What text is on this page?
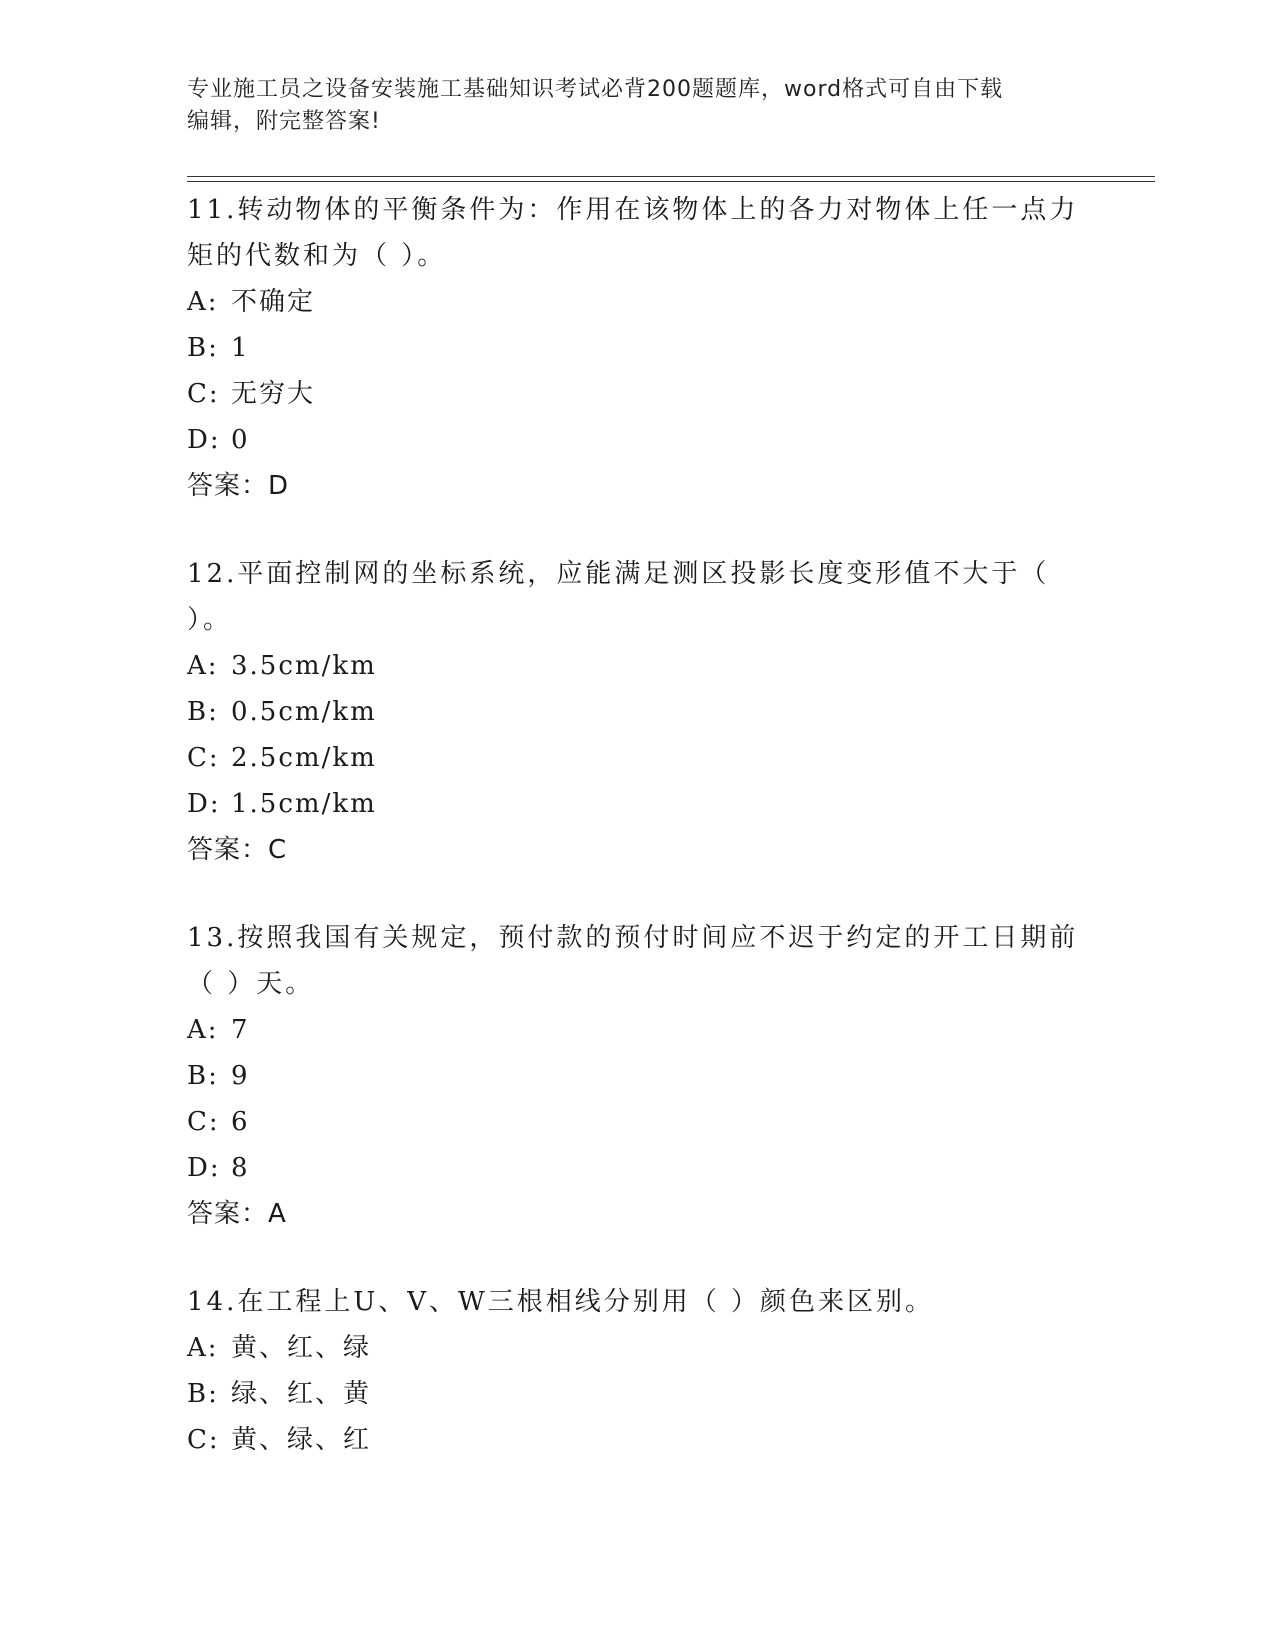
专业施工员之设备安装施工基础知识考试必背200题题库，word格式可自由下载
编辑，附完整答案!

11.转动物体的平衡条件为：作用在该物体上的各力对物体上任一点力

矩的代数和为（ ）。

A: 不确定

B: 1

C: 无穷大

D: 0

答案：D

12.平面控制网的坐标系统，应能满足测区投影长度变形值不大于（

）。

A: 3.5cm/km

B: 0.5cm/km

C: 2.5cm/km

D: 1.5cm/km

答案：C

13.按照我国有关规定，预付款的预付时间应不迟于约定的开工日期前

（ ）天。

A: 7

B: 9

C: 6

D: 8

答案：A

14.在工程上U、V、W三根相线分别用（ ）颜色来区别。

A: 黄、红、绿

B: 绿、红、黄

C: 黄、绿、红
